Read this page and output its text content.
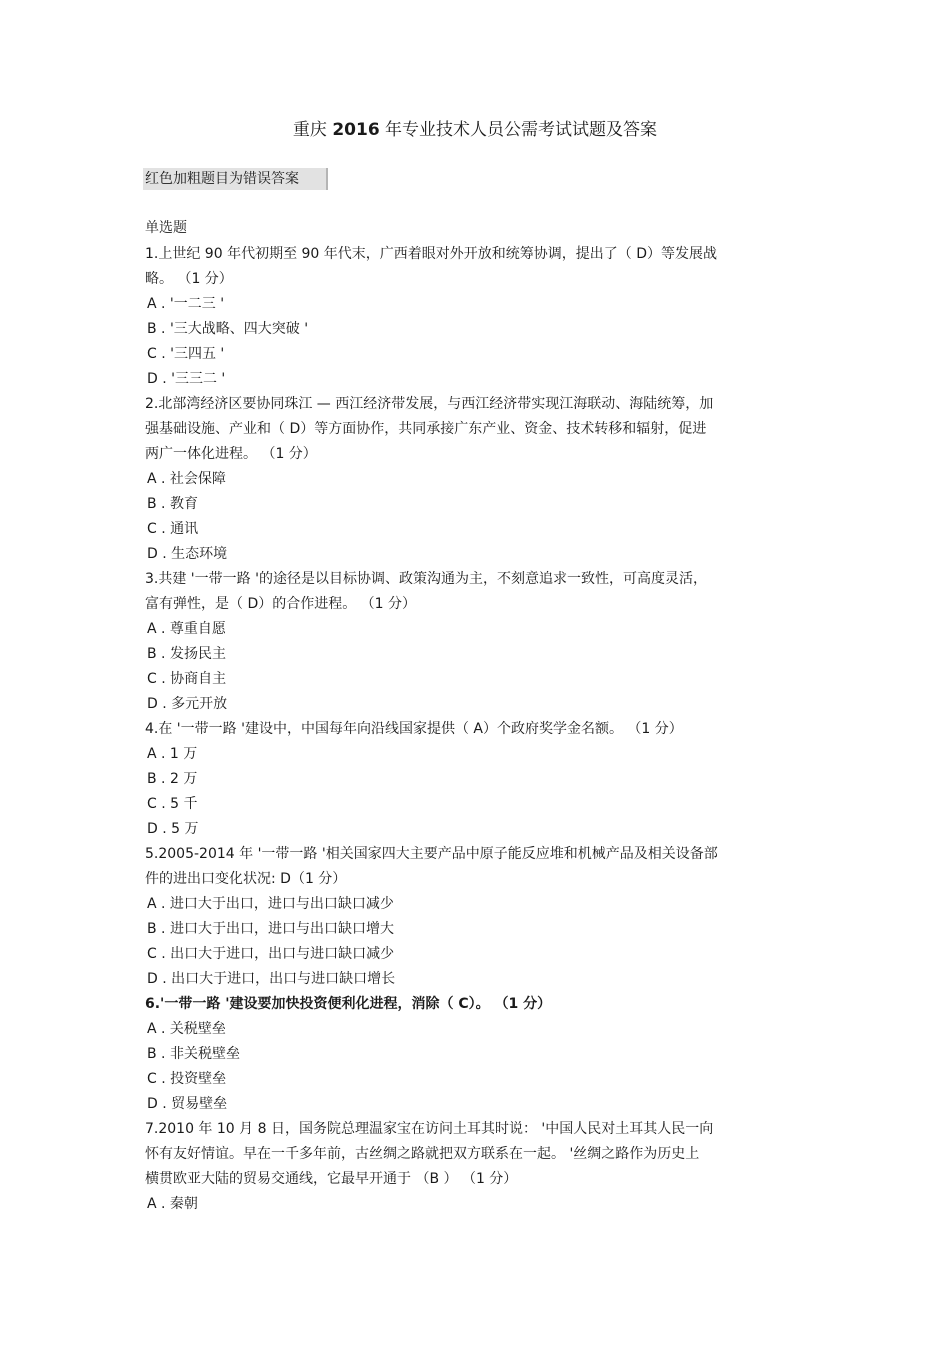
重庆 2016 年专业技术人员公需考试试题及答案
红色加粗题目为错误答案
单选题
1.上世纪 90 年代初期至 90 年代末，广西着眼对外开放和统筹协调，提出了（ D）等发展战
略。 （1 分）
A . '一二三 '
B . '三大战略、四大突破 '
C . '三四五 '
D . '三三二 '
2.北部湾经济区要协同珠江 — 西江经济带发展，与西江经济带实现江海联动、海陆统筹，加
强基础设施、产业和（ D）等方面协作，共同承接广东产业、资金、技术转移和辐射，促进
两广一体化进程。 （1 分）
A . 社会保障
B . 教育
C . 通讯
D . 生态环境
3.共建 '一带一路 '的途径是以目标协调、政策沟通为主，不刻意追求一致性，可高度灵活，
富有弹性，是（ D）的合作进程。 （1 分）
A . 尊重自愿
B . 发扬民主
C . 协商自主
D . 多元开放
4.在 '一带一路 '建设中，中国每年向沿线国家提供（ A）个政府奖学金名额。 （1 分）
A . 1 万
B . 2 万
C . 5 千
D . 5 万
5.2005-2014 年 '一带一路 '相关国家四大主要产品中原子能反应堆和机械产品及相关设备部
件的进出口变化状况: D（1 分）
A . 进口大于出口，进口与出口缺口减少
B . 进口大于出口，进口与出口缺口增大
C . 出口大于进口，出口与进口缺口减少
D . 出口大于进口，出口与进口缺口增长
6.'一带一路 '建设要加快投资便利化进程，消除（ C）。 （1 分）
A . 关税壁垒
B . 非关税壁垒
C . 投资壁垒
D . 贸易壁垒
7.2010 年 10 月 8 日，国务院总理温家宝在访问土耳其时说： '中国人民对土耳其人民一向
怀有友好情谊。早在一千多年前，古丝绸之路就把双方联系在一起。 '丝绸之路作为历史上
横贯欧亚大陆的贸易交通线，它最早开通于 （B ） （1 分）
A . 秦朝
